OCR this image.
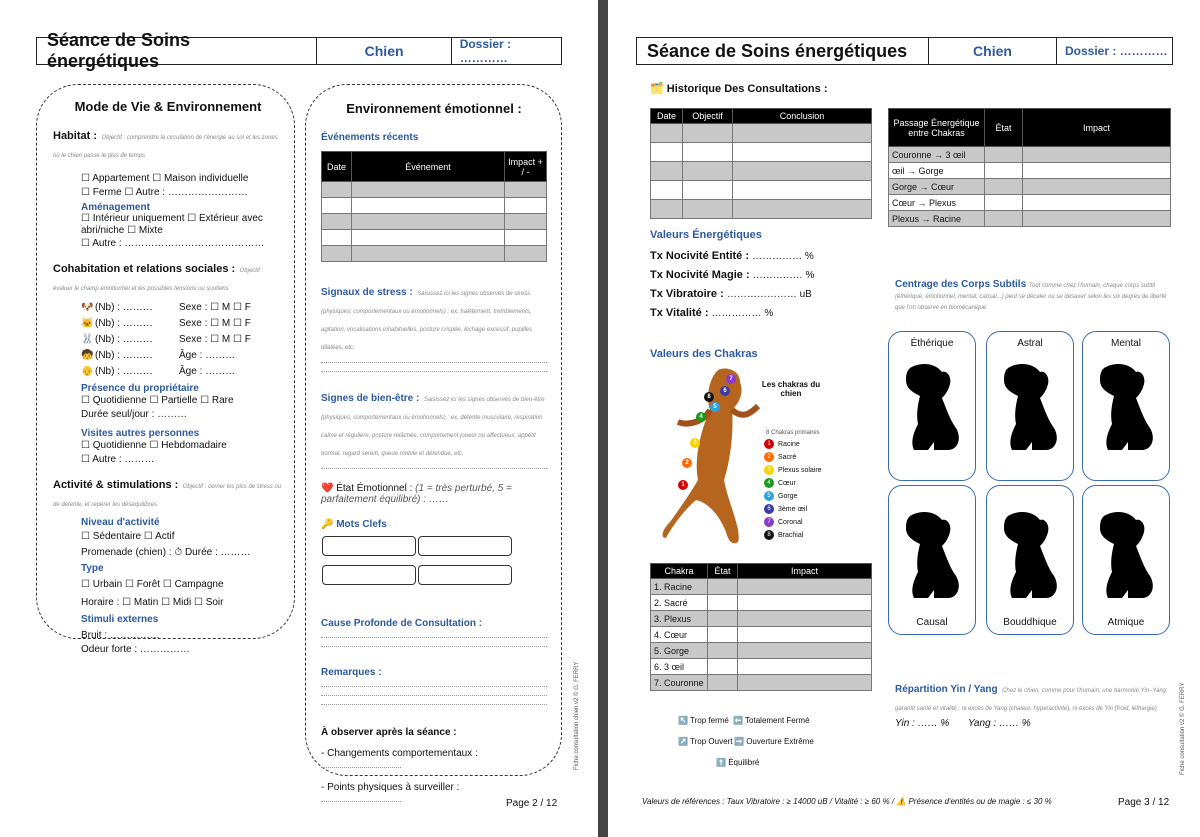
Séance de Soins énergétiques	Chien	Dossier : …………
Mode de Vie & Environnement
Habitat : Objectif : comprendre la circulation de l'énergie au sol et les zones où le chien passe le plus de temps
☐ Appartement ☐ Maison individuelle
☐ Ferme ☐ Autre : ……………………
Aménagement
☐ Intérieur uniquement ☐ Extérieur avec abri/niche ☐ Mixte
☐ Autre : ……………………………………
Cohabitation et relations sociales : Objectif : évaluer le champ émotionnel et les possibles tensions ou soutiens
🐶 (Nb) : ………	Sexe : ☐ M ☐ F
🐱 (Nb) : ………	Sexe : ☐ M ☐ F
🐰 (Nb) : ………	Sexe : ☐ M ☐ F
🧒 (Nb) : ………	Âge : ………
👴 (Nb) : ………	Âge : ………
Présence du propriétaire
☐ Quotidienne ☐ Partielle ☐ Rare
Durée seul/jour : ………
Visites autres personnes
☐ Quotidienne ☐ Hebdomadaire
☐ Autre : ………
Activité & stimulations : Objectif : cerner les pics de stress ou de détente, et repérer les déséquilibres
Niveau d'activité
☐ Sédentaire ☐ Actif
Promenade (chien) : ⏱ Durée : ………
Type
☐ Urbain ☐ Forêt ☐ Campagne
Horaire : ☐ Matin ☐ Midi ☐ Soir
Stimuli externes
Bruit : ……………
Odeur forte : ……………
Environnement émotionnel :
Événements récents
Date	Événement	Impact + / -

Signaux de stress : Saisissez ici les signes observés de stress (physiques, comportementaux ou émotionnels) : ex. halètement, tremblements, agitation, vocalisations inhabituelles, posture crispée, léchage excessif, pupilles dilatées, etc.
Signes de bien-être : Saisissez ici les signes observés de bien-être (physiques, comportementaux ou émotionnels) : ex. détente musculaire, respiration calme et régulière, posture relâchée, comportement joueur ou affectueux, appétit normal, regard serein, queue mobile et détendue, etc.
❤️ État Émotionnel : (1 = très perturbé, 5 = parfaitement équilibré) : ……
🔑 Mots Clefs
Cause Profonde de Consultation :
Remarques :
À observer après la séance :
- Changements comportementaux :
- Points physiques à surveiller :
Page 2 / 12
Fiche consultation chien v2 © G. FERRY
Séance de Soins énergétiques	Chien	Dossier : …………
🗂️ Historique Des Consultations :
Date	Objectif	Conclusion

Passage Énergétique entre Chakras	État	Impact
Couronne → 3 œil		
œil → Gorge		
Gorge → Cœur		
Cœur → Plexus		
Plexus → Racine		
Valeurs Énergétiques
Tx Nocivité Entité : …………… %
Tx Nocivité Magie : …………… %
Tx Vibratoire : ………………… uB
Tx Vitalité : …………… %
Valeurs des Chakras
Les chakras du chien
8 Chakras primaires
1	Racine
2	Sacré
3	Plexus solaire
4	Cœur
5	Gorge
6	3ème œil
7	Coronal
8	Brachial
1
2
3
4
5
6
7
8
Chakra	État	Impact
1. Racine		
2. Sacré		
3. Plexus		
4. Cœur		
5. Gorge		
6. 3 œil		
7. Couronne		
↖️ Trop fermé ⬅️ Totalement Fermé
↗️ Trop Ouvert ➡️ Ouverture Extrême
⬆️ Équilibré
Centrage des Corps Subtils Tout comme chez l'humain, chaque corps subtil (éthérique, émotionnel, mental, causal...) peut se décaler ou se désaxer selon les six degrés de liberté que l'on observe en biomécanique
Éthérique	Astral	Mental
Causal	Bouddhique	Atmique
Répartition Yin / Yang Chez le chien, comme pour l'humain, une harmonie Yin–Yang garantit santé et vitalité ; ni excès de Yang (chaleur, hyperactivité), ni excès de Yin (froid, léthargie)
Yin : …… % Yang : …… %
Valeurs de références : Taux Vibratoire : ≥ 14000 uB / Vitalité : ≥ 60 % / ⚠️ Présence d'entités ou de magie : ≤ 30 %	Page 3 / 12
Fiche consultation v2 © G. FERRY
